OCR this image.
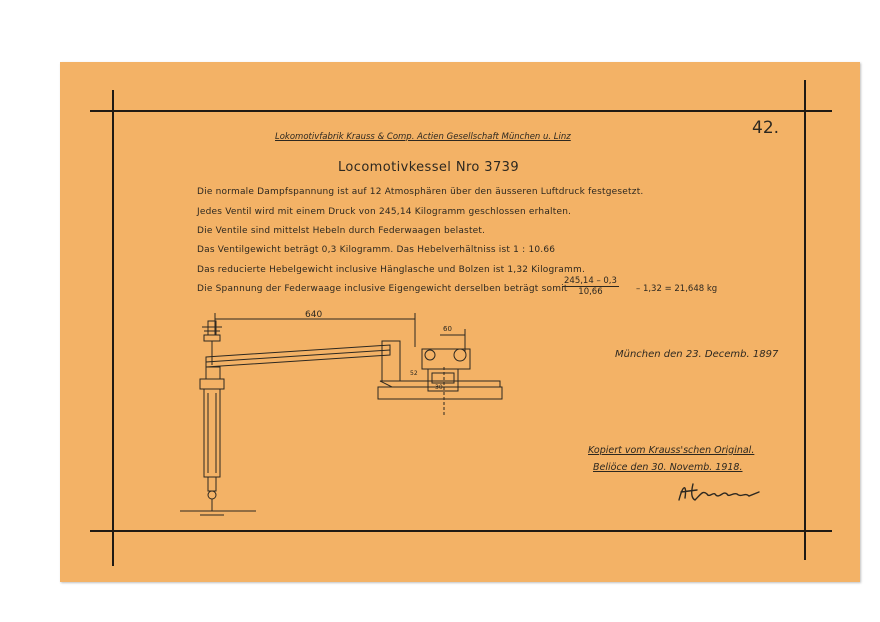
42.
Lokomotivfabrik Krauss & Comp. Actien Gesellschaft München u. Linz
Locomotivkessel Nro 3739
Die normale Dampfspannung ist auf 12 Atmosphären über den äusseren Luftdruck festgesetzt.
Jedes Ventil wird mit einem Druck von 245,14 Kilogramm geschlossen erhalten.
Die Ventile sind mittelst Hebeln durch Federwaagen belastet.
Das Ventilgewicht beträgt 0,3 Kilogramm. Das Hebelverhältniss ist 1 : 10.66
Das reducierte Hebelgewicht inclusive Hänglasche und Bolzen ist 1,32 Kilogramm.
Die Spannung der Federwaage inclusive Eigengewicht derselben beträgt somit
$\frac{245,14 - 0,3}{10,66} - 1,32 = 21,648$ kg
München den 23. Decemb. 1897
Kopiert vom Krauss'schen Original.
Beliöce den 30. Novemb. 1918.
640
60
52
30
